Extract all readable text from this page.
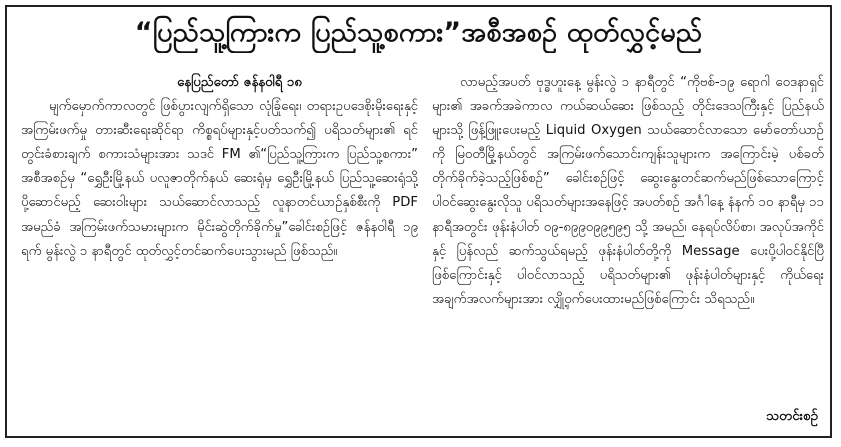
“ပြည်သူ့ကြားက ပြည်သူ့စကား”အစီအစဉ် ထုတ်လွှင့်မည်
နေပြည်တော် ဇန်နဝါရီ ၁၈

မျက်မှောက်ကာလတွင် ဖြစ်ပွားလျက်ရှိသော လုံခြုံရေး၊ တရားဥပဒေစိုးမိုးရေးနှင့် အကြမ်းဖက်မှု တားဆီးရေးဆိုင်ရာ ကိစ္စရပ်များနှင့်ပတ်သက်၍ ပရိသတ်များ၏ ရင်တွင်းခံစားချက် စကားသံများအား သဒင် FM ၏“ပြည်သူ့ကြားက ပြည်သူ့စကား” အစီအစဉ်မှ “ရွှေဦးမြို့နယ် ပလူဇာတိုက်နယ် ဆေးရုံမှ ရွှေဦးမြို့နယ် ပြည်သူ့ဆေးရုံသို့ ပို့ဆောင်မည့် ဆေးဝါးများ သယ်ဆောင်လာသည့် လူနာတင်ယာဉ်နှစ်စီးကို PDF အမည်ခံ အကြမ်းဖက်သမားများက မိုင်းဆွဲတိုက်ခိုက်မှု”ခေါင်းစဉ်ဖြင့် ဇန်နဝါရီ ၁၉ ရက် မွန်းလွဲ ၁ နာရီတွင် ထုတ်လွှင့်တင်ဆက်ပေးသွားမည် ဖြစ်သည်။

လာမည့်အပတ် ဗုဒ္ဓဟူးနေ့ မွန်းလွဲ ၁ နာရီတွင် “ကိုဗစ်-၁၉ ရောဂါ ဝေဒနာရှင်များ၏ အခက်အခဲကာလ ကယ်ဆယ်ဆေး ဖြစ်သည့် တိုင်းဒေသကြီးနှင့် ပြည်နယ်များသို့ ဖြန့်ဖြူးပေးမည့် Liquid Oxygen သယ်ဆောင်လာသော မော်တော်ယာဉ်ကို မြဝတီမြို့နယ်တွင် အကြမ်းဖက်သောင်းကျန်းသူများက အကြောင်းမဲ့ ပစ်ခတ်တိုက်ခိုက်ခဲ့သည့်ဖြစ်စဉ်” ခေါင်းစဉ်ဖြင့် ဆွေးနွေးတင်ဆက်မည်ဖြစ်သောကြောင့် ပါဝင်ဆွေးနွေးလိုသူ ပရိသတ်များအနေဖြင့် အပတ်စဉ် အင်္ဂါနေ့ နံနက် ၁၀ နာရီမှ ၁၁ နာရီအတွင်း ဖုန်းနံပါတ် ၀၉-၈၉၉၀၉၉၅၉၅ သို့ အမည်၊ နေရပ်လိပ်စာ၊ အလုပ်အကိုင်နှင့် ပြန်လည် ဆက်သွယ်ရမည့် ဖုန်းနံပါတ်တို့ကို Message ပေးပို့ပါဝင်နိုင်ပြီဖြစ်ကြောင်းနှင့် ပါဝင်လာသည့် ပရိသတ်များ၏ ဖုန်းနံပါတ်များနှင့် ကိုယ်ရေးအချက်အလက်များအား လျှို့ဝှက်ပေးထားမည်ဖြစ်ကြောင်း သိရသည်။

သတင်းစဉ်
